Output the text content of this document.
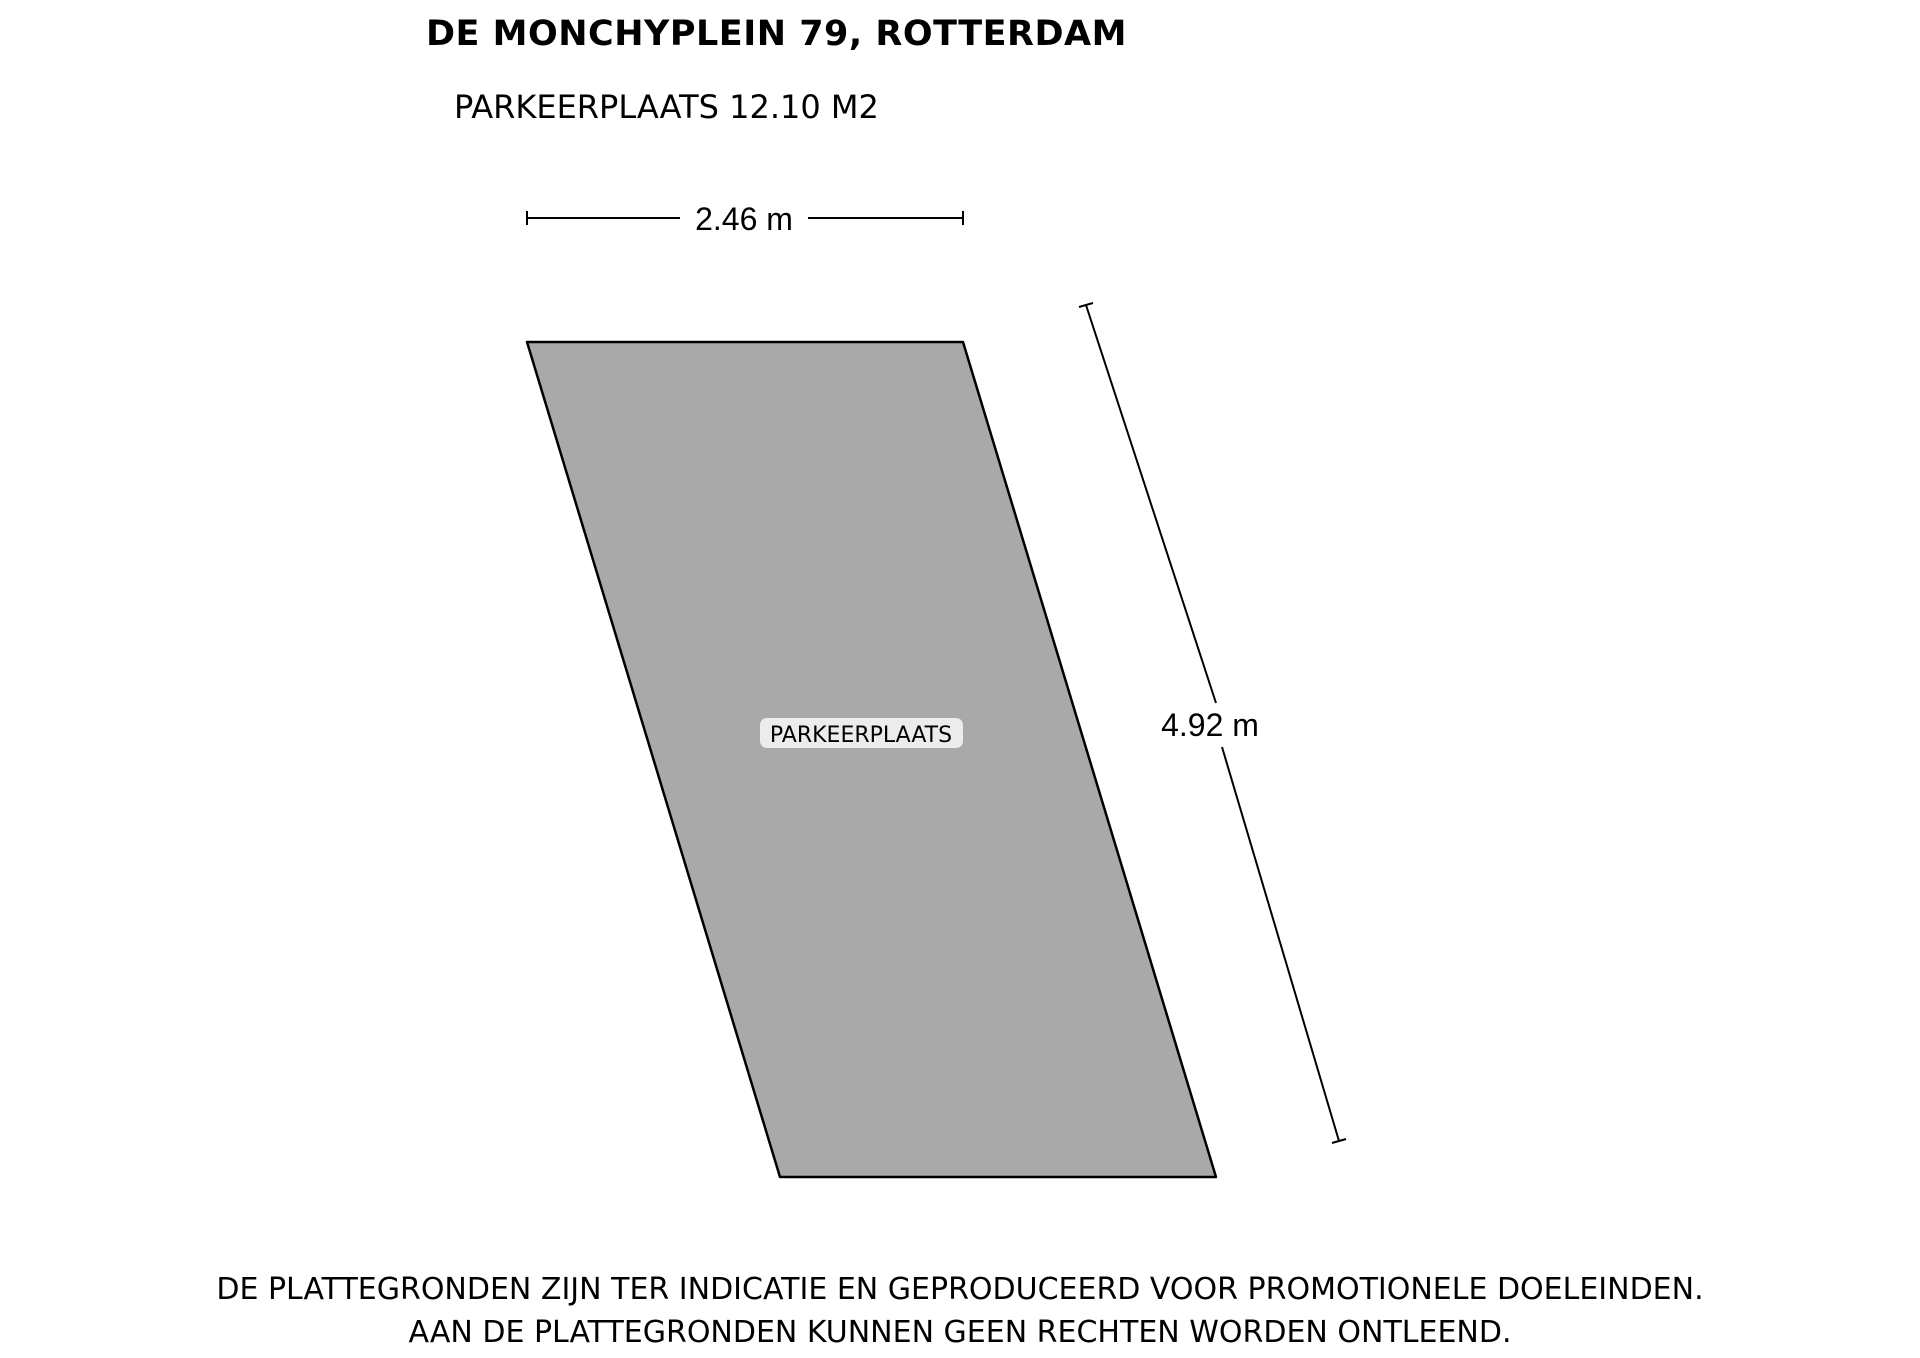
DE MONCHYPLEIN 79, ROTTERDAM
PARKEERPLAATS 12.10 M2
2.46 m
PARKEERPLAATS	4.92 m
DE PLATTEGRONDEN ZIJN TER INDICATIE EN GEPRODUCEERD VOOR PROMOTIONELE DOELEINDEN.
AAN DE PLATTEGRONDEN KUNNEN GEEN RECHTEN WORDEN ONTLEEND.
